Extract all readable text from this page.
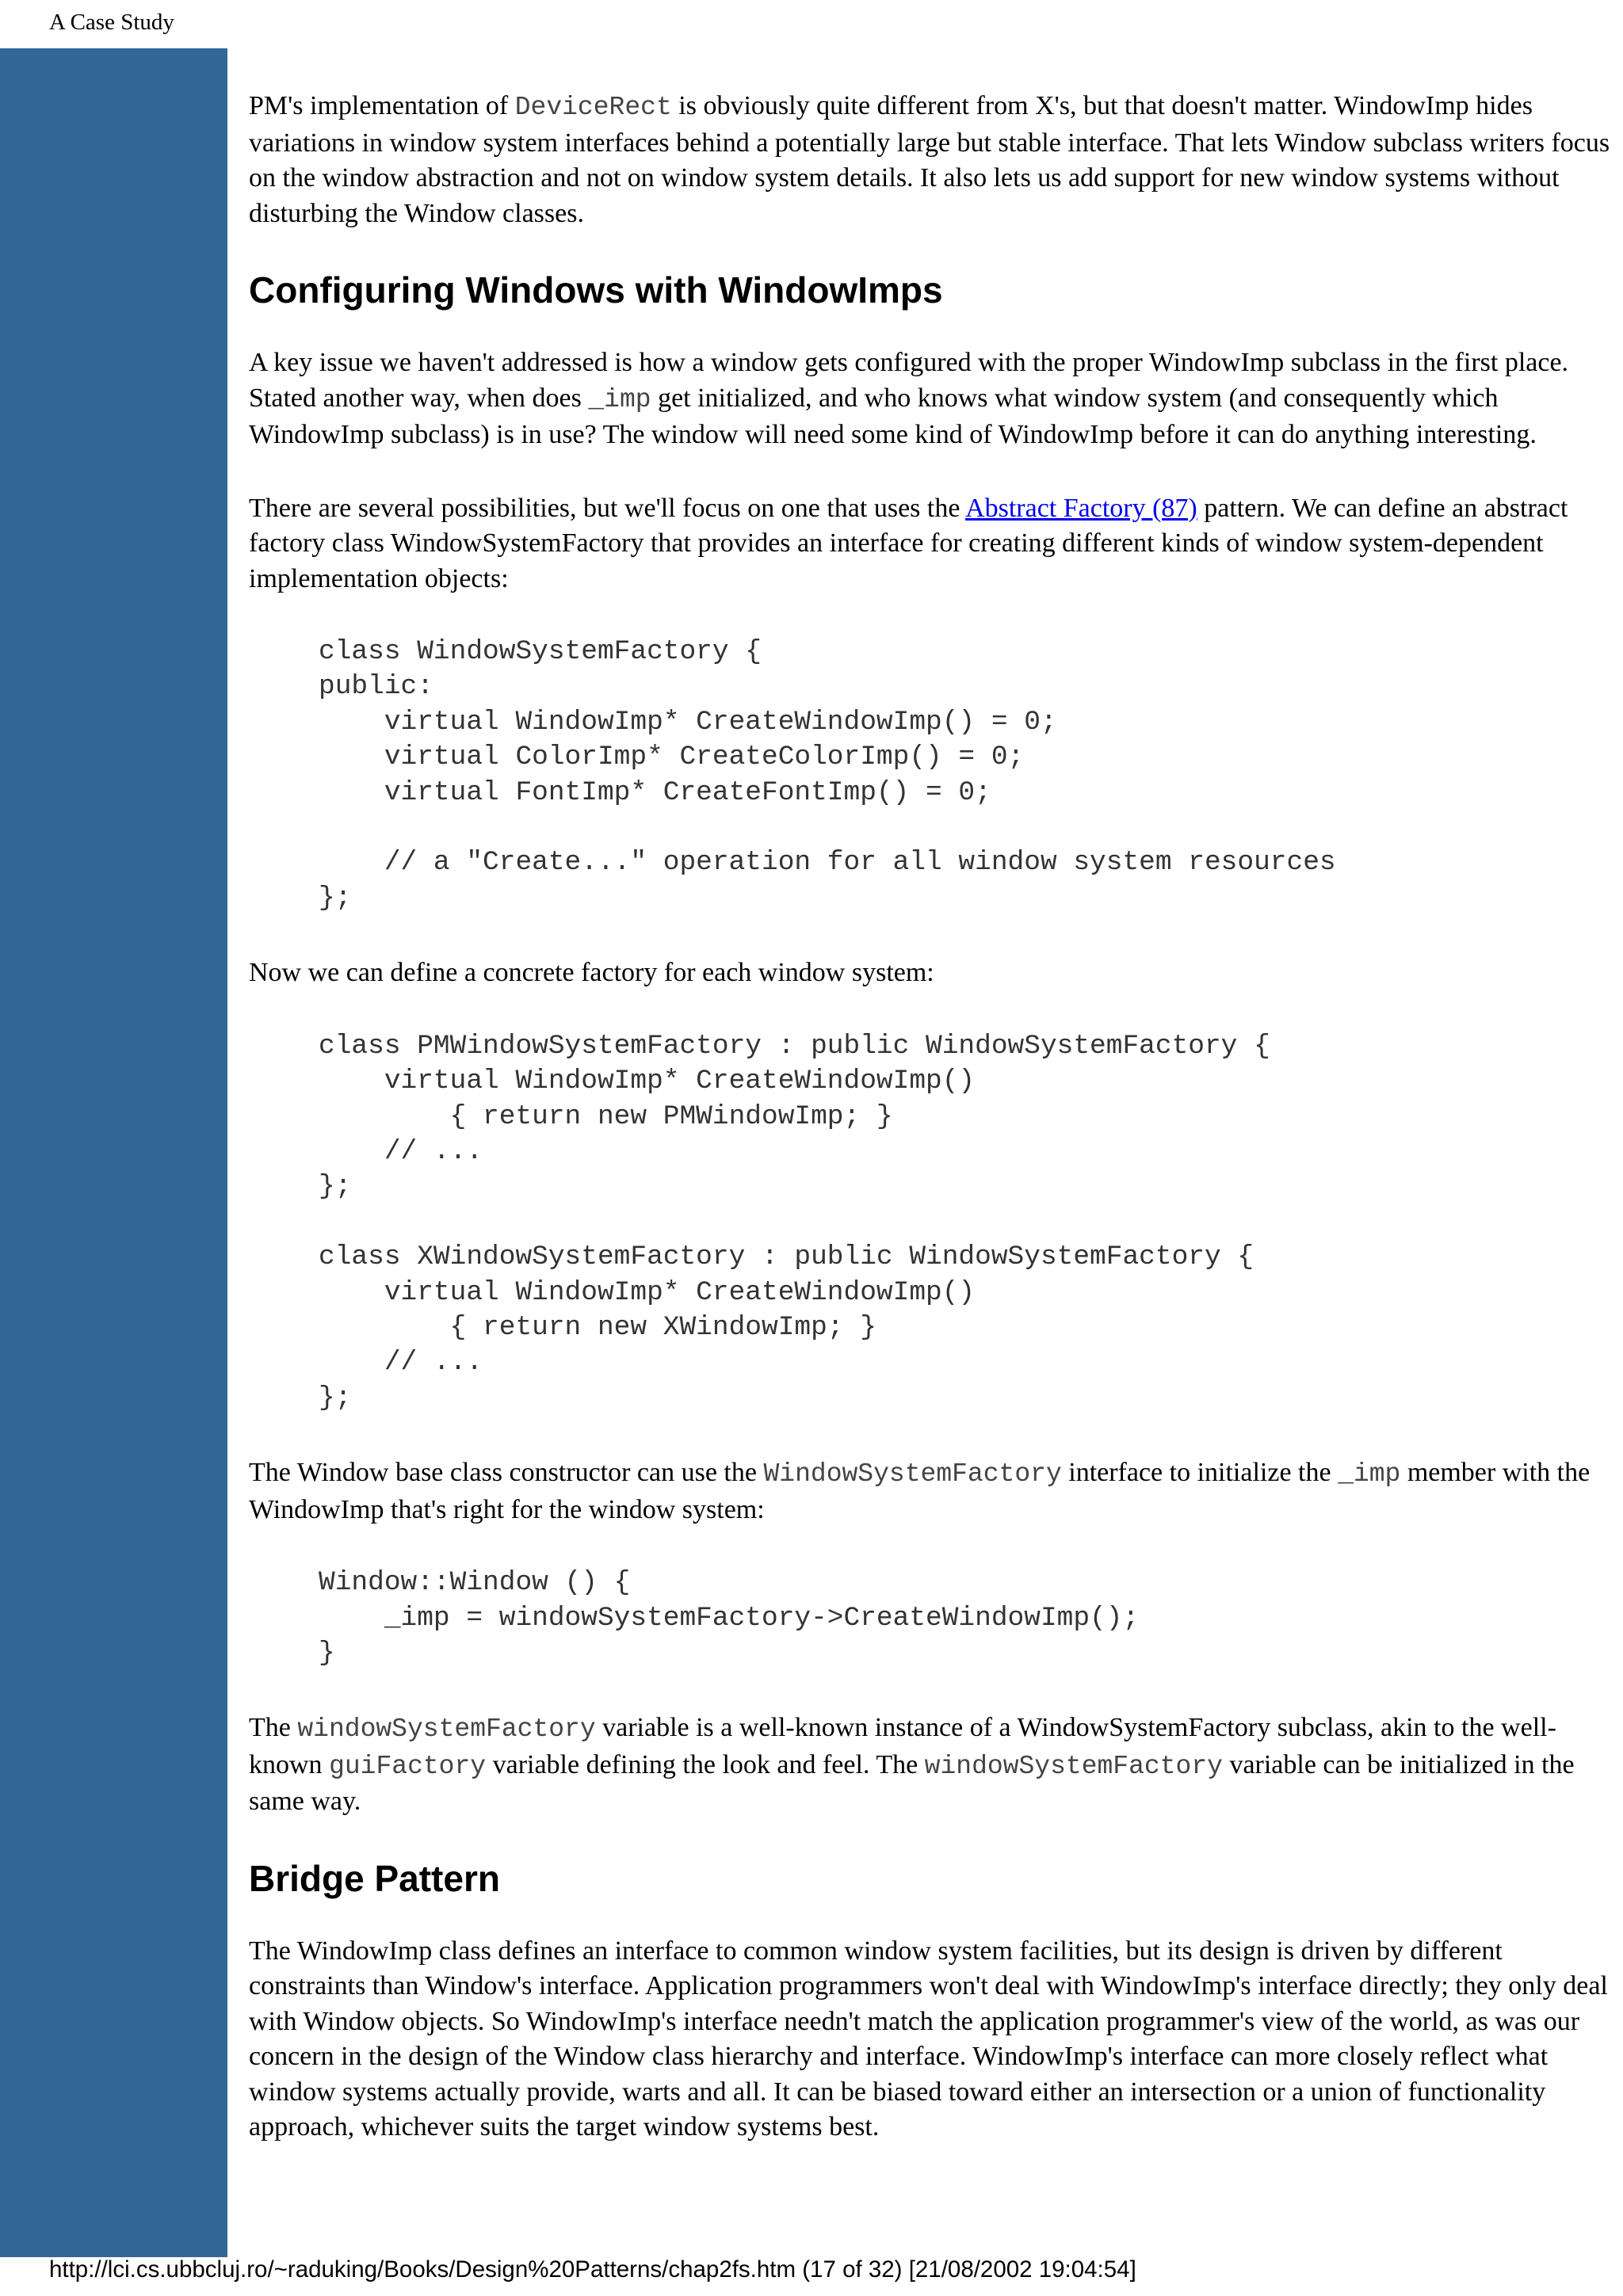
A Case Study

PM's implementation of DeviceRect is obviously quite different from X's, but that doesn't matter. WindowImp hides variations in window system interfaces behind a potentially large but stable interface. That lets Window subclass writers focus on the window abstraction and not on window system details. It also lets us add support for new window systems without disturbing the Window classes.

Configuring Windows with WindowImps

A key issue we haven't addressed is how a window gets configured with the proper WindowImp subclass in the first place. Stated another way, when does _imp get initialized, and who knows what window system (and consequently which WindowImp subclass) is in use? The window will need some kind of WindowImp before it can do anything interesting.

There are several possibilities, but we'll focus on one that uses the Abstract Factory (87) pattern. We can define an abstract factory class WindowSystemFactory that provides an interface for creating different kinds of window system-dependent implementation objects:

class WindowSystemFactory {
public:
virtual WindowImp* CreateWindowImp() = 0;
virtual ColorImp* CreateColorImp() = 0;
virtual FontImp* CreateFontImp() = 0;

// a "Create..." operation for all window system resources
};

Now we can define a concrete factory for each window system:

class PMWindowSystemFactory : public WindowSystemFactory {
virtual WindowImp* CreateWindowImp()
{ return new PMWindowImp; }
// ...
};

class XWindowSystemFactory : public WindowSystemFactory {
virtual WindowImp* CreateWindowImp()
{ return new XWindowImp; }
// ...
};

The Window base class constructor can use the WindowSystemFactory interface to initialize the _imp member with the WindowImp that's right for the window system:

Window::Window () {
_imp = windowSystemFactory->CreateWindowImp();
}

The windowSystemFactory variable is a well-known instance of a WindowSystemFactory subclass, akin to the well-known guiFactory variable defining the look and feel. The windowSystemFactory variable can be initialized in the same way.

Bridge Pattern

The WindowImp class defines an interface to common window system facilities, but its design is driven by different constraints than Window's interface. Application programmers won't deal with WindowImp's interface directly; they only deal with Window objects. So WindowImp's interface needn't match the application programmer's view of the world, as was our concern in the design of the Window class hierarchy and interface. WindowImp's interface can more closely reflect what window systems actually provide, warts and all. It can be biased toward either an intersection or a union of functionality approach, whichever suits the target window systems best.

http://lci.cs.ubbcluj.ro/~raduking/Books/Design%20Patterns/chap2fs.htm (17 of 32) [21/08/2002 19:04:54]
